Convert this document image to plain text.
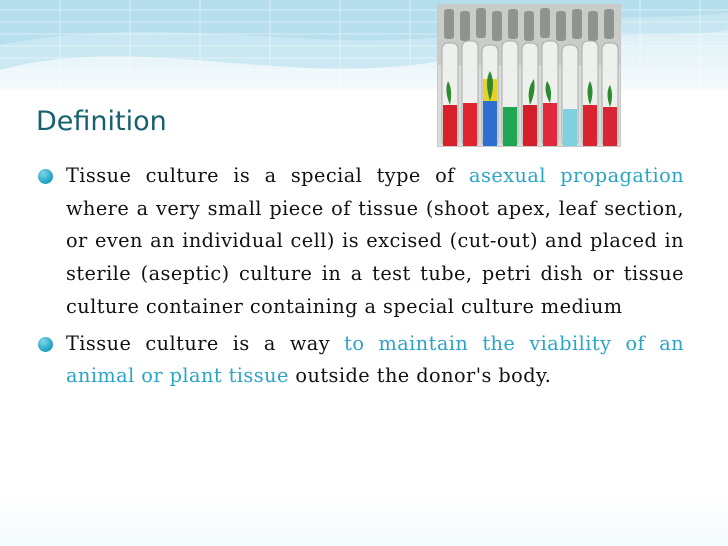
Definition
Tissue culture is a special type of asexual propagation where a very small piece of tissue (shoot apex, leaf section, or even an individual cell) is excised (cut-out) and placed in sterile (aseptic) culture in a test tube, petri dish or tissue culture container containing a special culture medium
Tissue culture is a way to maintain the viability of an animal or plant tissue outside the donor's body.
